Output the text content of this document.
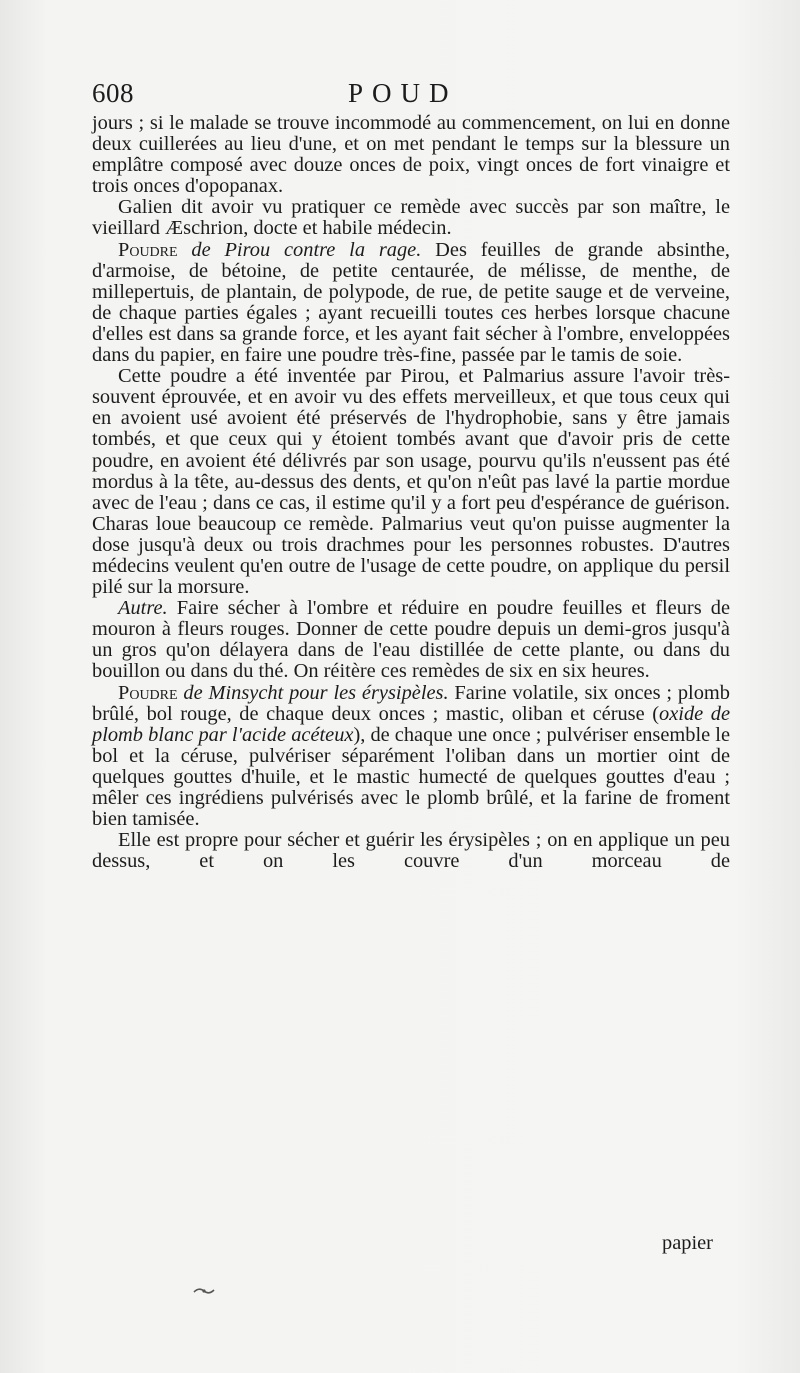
608	POUD

jours ; si le malade se trouve incommodé au commencement, on lui en donne deux cuillerées au lieu d'une, et on met pendant le temps sur la blessure un emplâtre composé avec douze onces de poix, vingt onces de fort vinaigre et trois onces d'opopanax.

Galien dit avoir vu pratiquer ce remède avec succès par son maître, le vieillard Æschrion, docte et habile médecin.

Poudre de Pirou contre la rage. Des feuilles de grande absinthe, d'armoise, de bétoine, de petite centaurée, de mélisse, de menthe, de millepertuis, de plantain, de polypode, de rue, de petite sauge et de verveine, de chaque parties égales ; ayant recueilli toutes ces herbes lorsque chacune d'elles est dans sa grande force, et les ayant fait sécher à l'ombre, enveloppées dans du papier, en faire une poudre très-fine, passée par le tamis de soie.

Cette poudre a été inventée par Pirou, et Palmarius assure l'avoir très-souvent éprouvée, et en avoir vu des effets merveilleux, et que tous ceux qui en avoient usé avoient été préservés de l'hydrophobie, sans y être jamais tombés, et que ceux qui y étoient tombés avant que d'avoir pris de cette poudre, en avoient été délivrés par son usage, pourvu qu'ils n'eussent pas été mordus à la tête, au-dessus des dents, et qu'on n'eût pas lavé la partie mordue avec de l'eau ; dans ce cas, il estime qu'il y a fort peu d'espérance de guérison. Charas loue beaucoup ce remède. Palmarius veut qu'on puisse augmenter la dose jusqu'à deux ou trois drachmes pour les personnes robustes. D'autres médecins veulent qu'en outre de l'usage de cette poudre, on applique du persil pilé sur la morsure.

Autre. Faire sécher à l'ombre et réduire en poudre feuilles et fleurs de mouron à fleurs rouges. Donner de cette poudre depuis un demi-gros jusqu'à un gros qu'on délayera dans de l'eau distillée de cette plante, ou dans du bouillon ou dans du thé. On réitère ces remèdes de six en six heures.

Poudre de Minsycht pour les érysipèles. Farine volatile, six onces ; plomb brûlé, bol rouge, de chaque deux onces ; mastic, oliban et céruse (oxide de plomb blanc par l'acide acéteux), de chaque une once ; pulvériser ensemble le bol et la céruse, pulvériser séparément l'oliban dans un mortier oint de quelques gouttes d'huile, et le mastic humecté de quelques gouttes d'eau ; mêler ces ingrédiens pulvérisés avec le plomb brûlé, et la farine de froment bien tamisée.

Elle est propre pour sécher et guérir les érysipèles ; on en applique un peu dessus, et on les couvre d'un morceau de

papier
